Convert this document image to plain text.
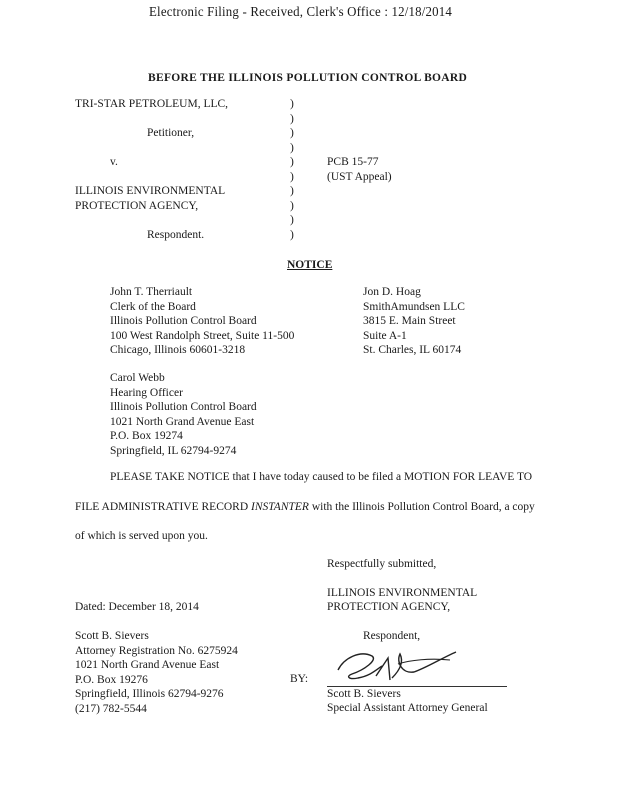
Electronic Filing - Received, Clerk's Office : 12/18/2014
BEFORE THE ILLINOIS POLLUTION CONTROL BOARD
TRI-STAR PETROLEUM, LLC,
Petitioner,
v.
ILLINOIS ENVIRONMENTAL
PROTECTION AGENCY,
Respondent.
)
)
)
)
)
)
)
)
)
)
PCB 15-77
(UST Appeal)
NOTICE
John T. Therriault
Clerk of the Board
Illinois Pollution Control Board
100 West Randolph Street, Suite 11-500
Chicago, Illinois 60601-3218
Jon D. Hoag
SmithAmundsen LLC
3815 E. Main Street
Suite A-1
St. Charles, IL 60174
Carol Webb
Hearing Officer
Illinois Pollution Control Board
1021 North Grand Avenue East
P.O. Box 19274
Springfield, IL 62794-9274
PLEASE TAKE NOTICE that I have today caused to be filed a MOTION FOR LEAVE TO
FILE ADMINISTRATIVE RECORD INSTANTER with the Illinois Pollution Control Board, a copy
of which is served upon you.
Respectfully submitted,
ILLINOIS ENVIRONMENTAL
PROTECTION AGENCY,
Dated: December 18, 2014
Respondent,
Scott B. Sievers
Attorney Registration No. 6275924
1021 North Grand Avenue East
P.O. Box 19276
Springfield, Illinois 62794-9276
(217) 782-5544
BY:
Scott B. Sievers
Special Assistant Attorney General
